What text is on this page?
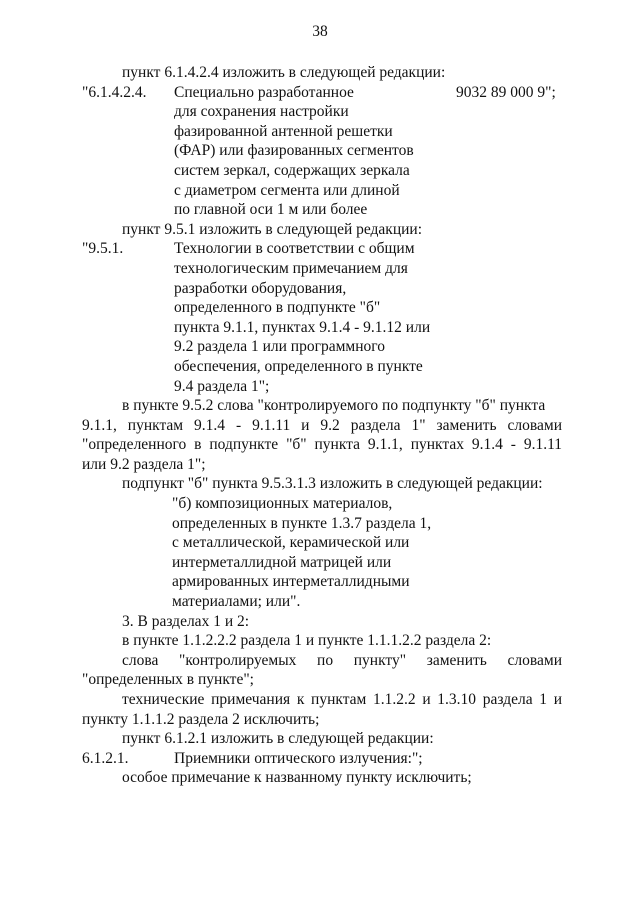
38
пункт 6.1.4.2.4 изложить в следующей редакции:
"6.1.4.2.4. Специально разработанное	9032 89 000 9";
для сохранения настройки
фазированной антенной решетки
(ФАР) или фазированных сегментов
систем зеркал, содержащих зеркала
с диаметром сегмента или длиной
по главной оси 1 м или более
пункт 9.5.1 изложить в следующей редакции:
"9.5.1.	Технологии в соответствии с общим
технологическим примечанием для
разработки оборудования,
определенного в подпункте "б"
пункта 9.1.1, пунктах 9.1.4 - 9.1.12 или
9.2 раздела 1 или программного
обеспечения, определенного в пункте
9.4 раздела 1";
в пункте 9.5.2 слова "контролируемого по подпункту "б" пункта
9.1.1, пунктам 9.1.4 - 9.1.11 и 9.2 раздела 1" заменить словами
"определенного в подпункте "б" пункта 9.1.1, пунктах 9.1.4 - 9.1.11
или 9.2 раздела 1";
подпункт "б" пункта 9.5.3.1.3 изложить в следующей редакции:
"б) композиционных материалов,
определенных в пункте 1.3.7 раздела 1,
с металлической, керамической или
интерметаллидной матрицей или
армированных интерметаллидными
материалами; или".
3. В разделах 1 и 2:
в пункте 1.1.2.2.2 раздела 1 и пункте 1.1.1.2.2 раздела 2:
слова "контролируемых по пункту" заменить словами
"определенных в пункте";
технические примечания к пунктам 1.1.2.2 и 1.3.10 раздела 1 и
пункту 1.1.1.2 раздела 2 исключить;
пункт 6.1.2.1 изложить в следующей редакции:
6.1.2.1.	Приемники оптического излучения:";
особое примечание к названному пункту исключить;
